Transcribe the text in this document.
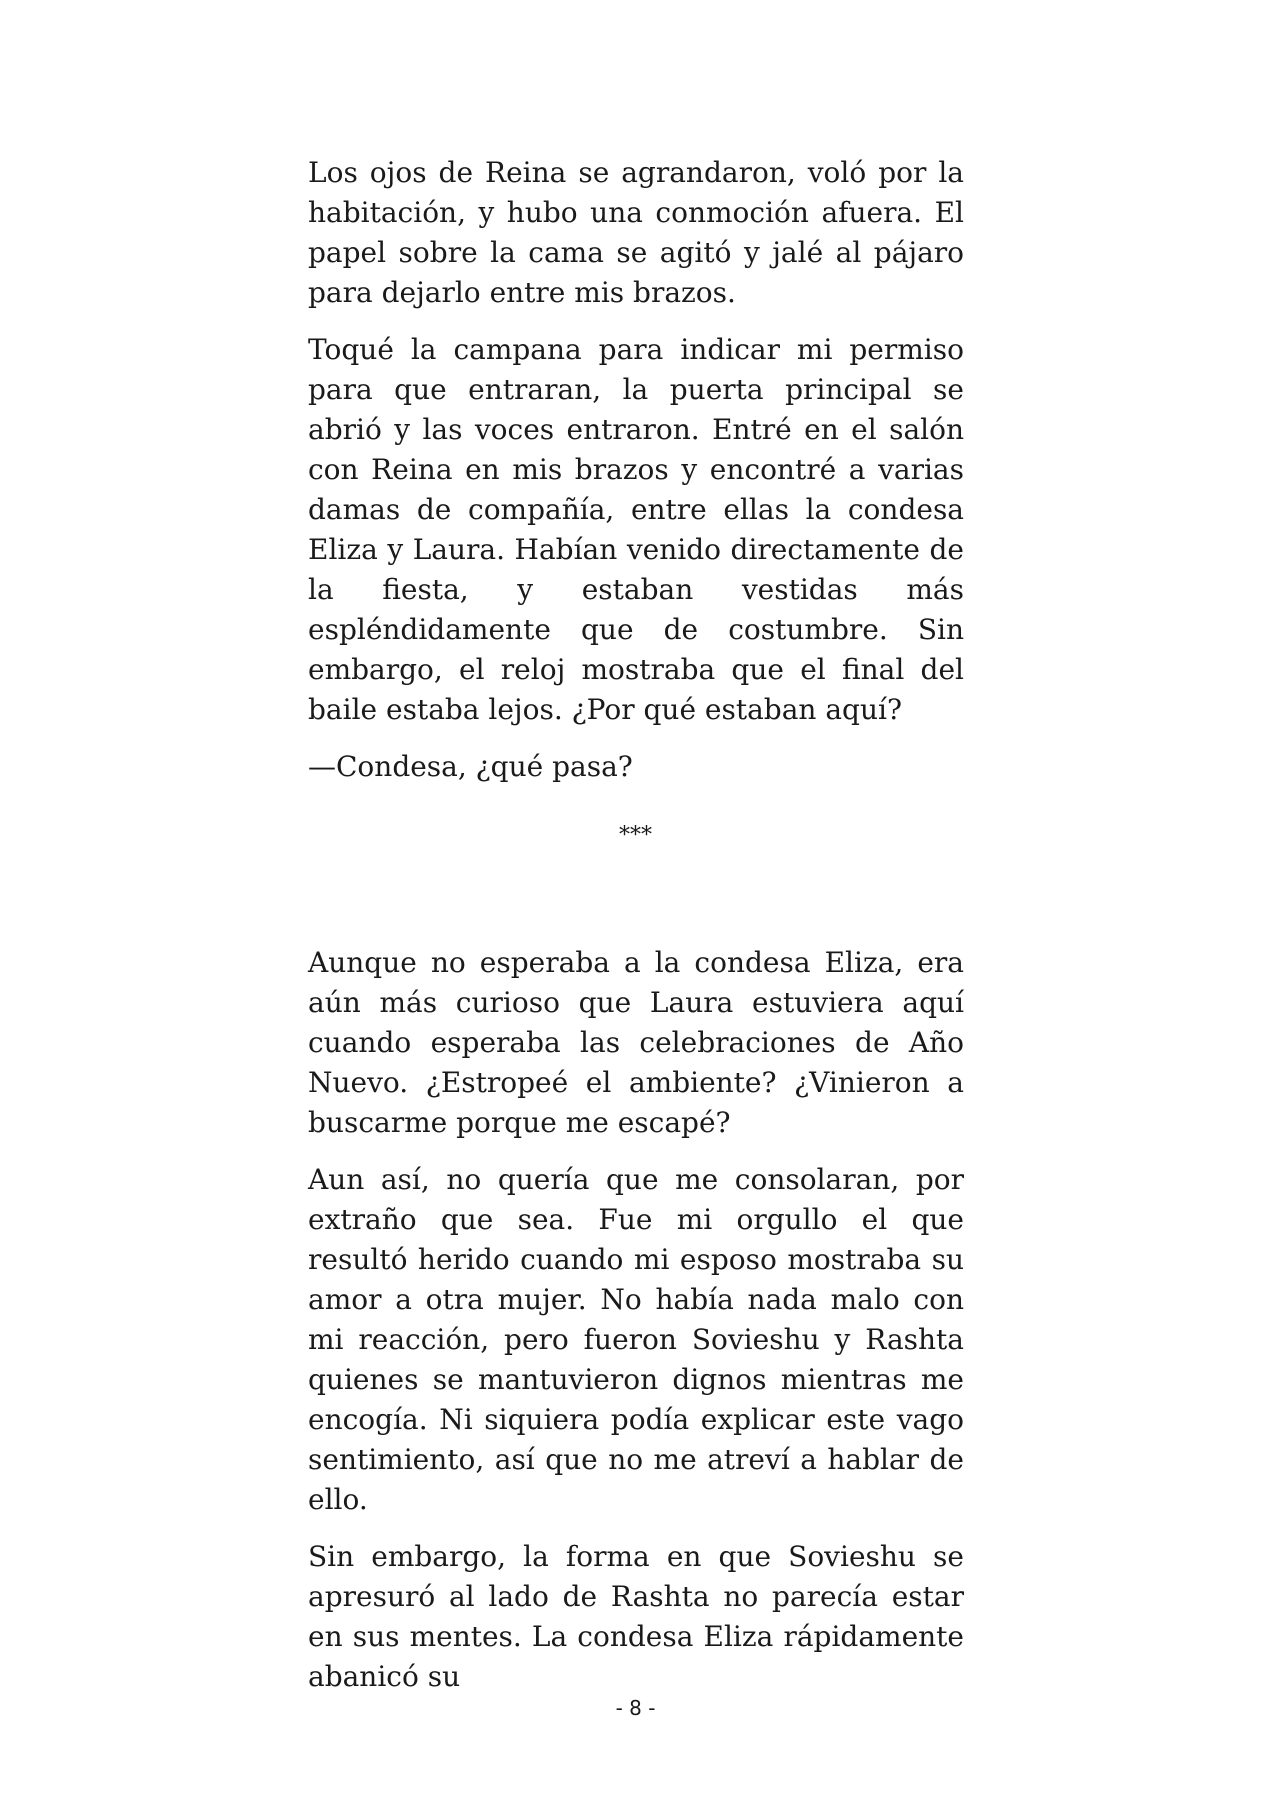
Los ojos de Reina se agrandaron, voló por la habitación, y hubo una conmoción afuera. El papel sobre la cama se agitó y jalé al pájaro para dejarlo entre mis brazos.

Toqué la campana para indicar mi permiso para que entraran, la puerta principal se abrió y las voces entraron. Entré en el salón con Reina en mis brazos y encontré a varias damas de compañía, entre ellas la condesa Eliza y Laura. Habían venido directamente de la fiesta, y estaban vestidas más espléndidamente que de costumbre. Sin embargo, el reloj mostraba que el final del baile estaba lejos. ¿Por qué estaban aquí?

—Condesa, ¿qué pasa?

***

Aunque no esperaba a la condesa Eliza, era aún más curioso que Laura estuviera aquí cuando esperaba las celebraciones de Año Nuevo. ¿Estropeé el ambiente? ¿Vinieron a buscarme porque me escapé?

Aun así, no quería que me consolaran, por extraño que sea. Fue mi orgullo el que resultó herido cuando mi esposo mostraba su amor a otra mujer. No había nada malo con mi reacción, pero fueron Sovieshu y Rashta quienes se mantuvieron dignos mientras me encogía. Ni siquiera podía explicar este vago sentimiento, así que no me atreví a hablar de ello.

Sin embargo, la forma en que Sovieshu se apresuró al lado de Rashta no parecía estar en sus mentes. La condesa Eliza rápidamente abanicó su

- 8 -
